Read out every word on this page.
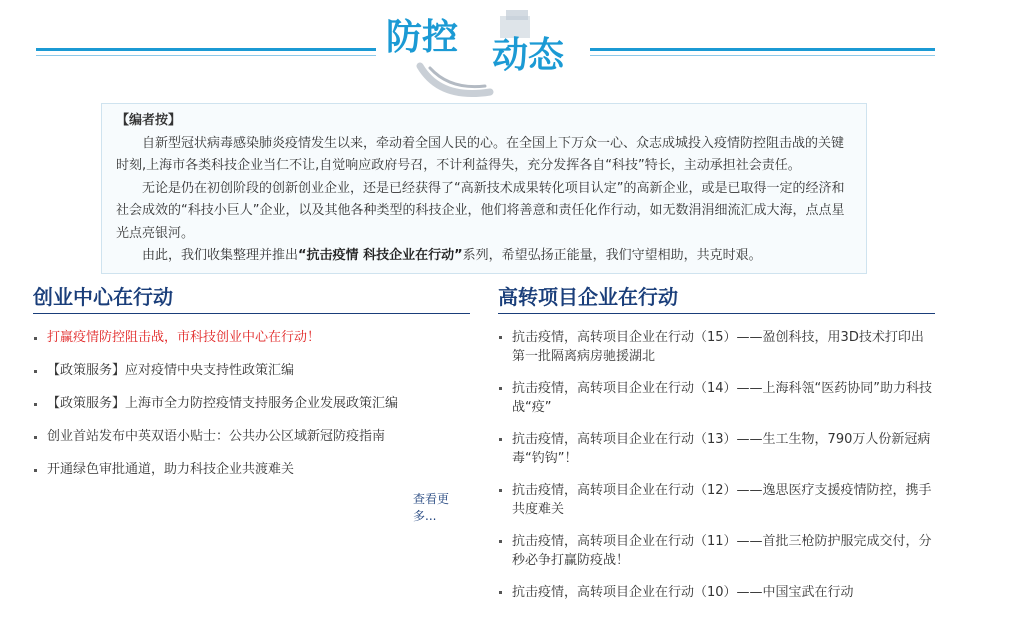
防控 动态

【编者按】

自新型冠状病毒感染肺炎疫情发生以来，牵动着全国人民的心。在全国上下万众一心、众志成城投入疫情防控阻击战的关键时刻,上海市各类科技企业当仁不让,自觉响应政府号召，不计利益得失，充分发挥各自“科技”特长，主动承担社会责任。

无论是仍在初创阶段的创新创业企业，还是已经获得了“高新技术成果转化项目认定”的高新企业，或是已取得一定的经济和社会成效的“科技小巨人”企业，以及其他各种类型的科技企业，他们将善意和责任化作行动，如无数涓涓细流汇成大海，点点星光点亮银河。

由此，我们收集整理并推出“抗击疫情 科技企业在行动”系列，希望弘扬正能量，我们守望相助，共克时艰。

创业中心在行动
打赢疫情防控阻击战，市科技创业中心在行动！
【政策服务】应对疫情中央支持性政策汇编
【政策服务】上海市全力防控疫情支持服务企业发展政策汇编
创业首站发布中英双语小贴士：公共办公区域新冠防疫指南
开通绿色审批通道，助力科技企业共渡难关
查看更多...
高转项目企业在行动
抗击疫情，高转项目企业在行动（15）——盈创科技，用3D技术打印出第一批隔离病房驰援湖北
抗击疫情，高转项目企业在行动（14）——上海科瓴“医药协同”助力科技战“疫”
抗击疫情，高转项目企业在行动（13）——生工生物，790万人份新冠病毒“钓钩”！
抗击疫情，高转项目企业在行动（12）——逸思医疗支援疫情防控，携手共度难关
抗击疫情，高转项目企业在行动（11）——首批三枪防护服完成交付，分秒必争打赢防疫战！
抗击疫情，高转项目企业在行动（10）——中国宝武在行动
